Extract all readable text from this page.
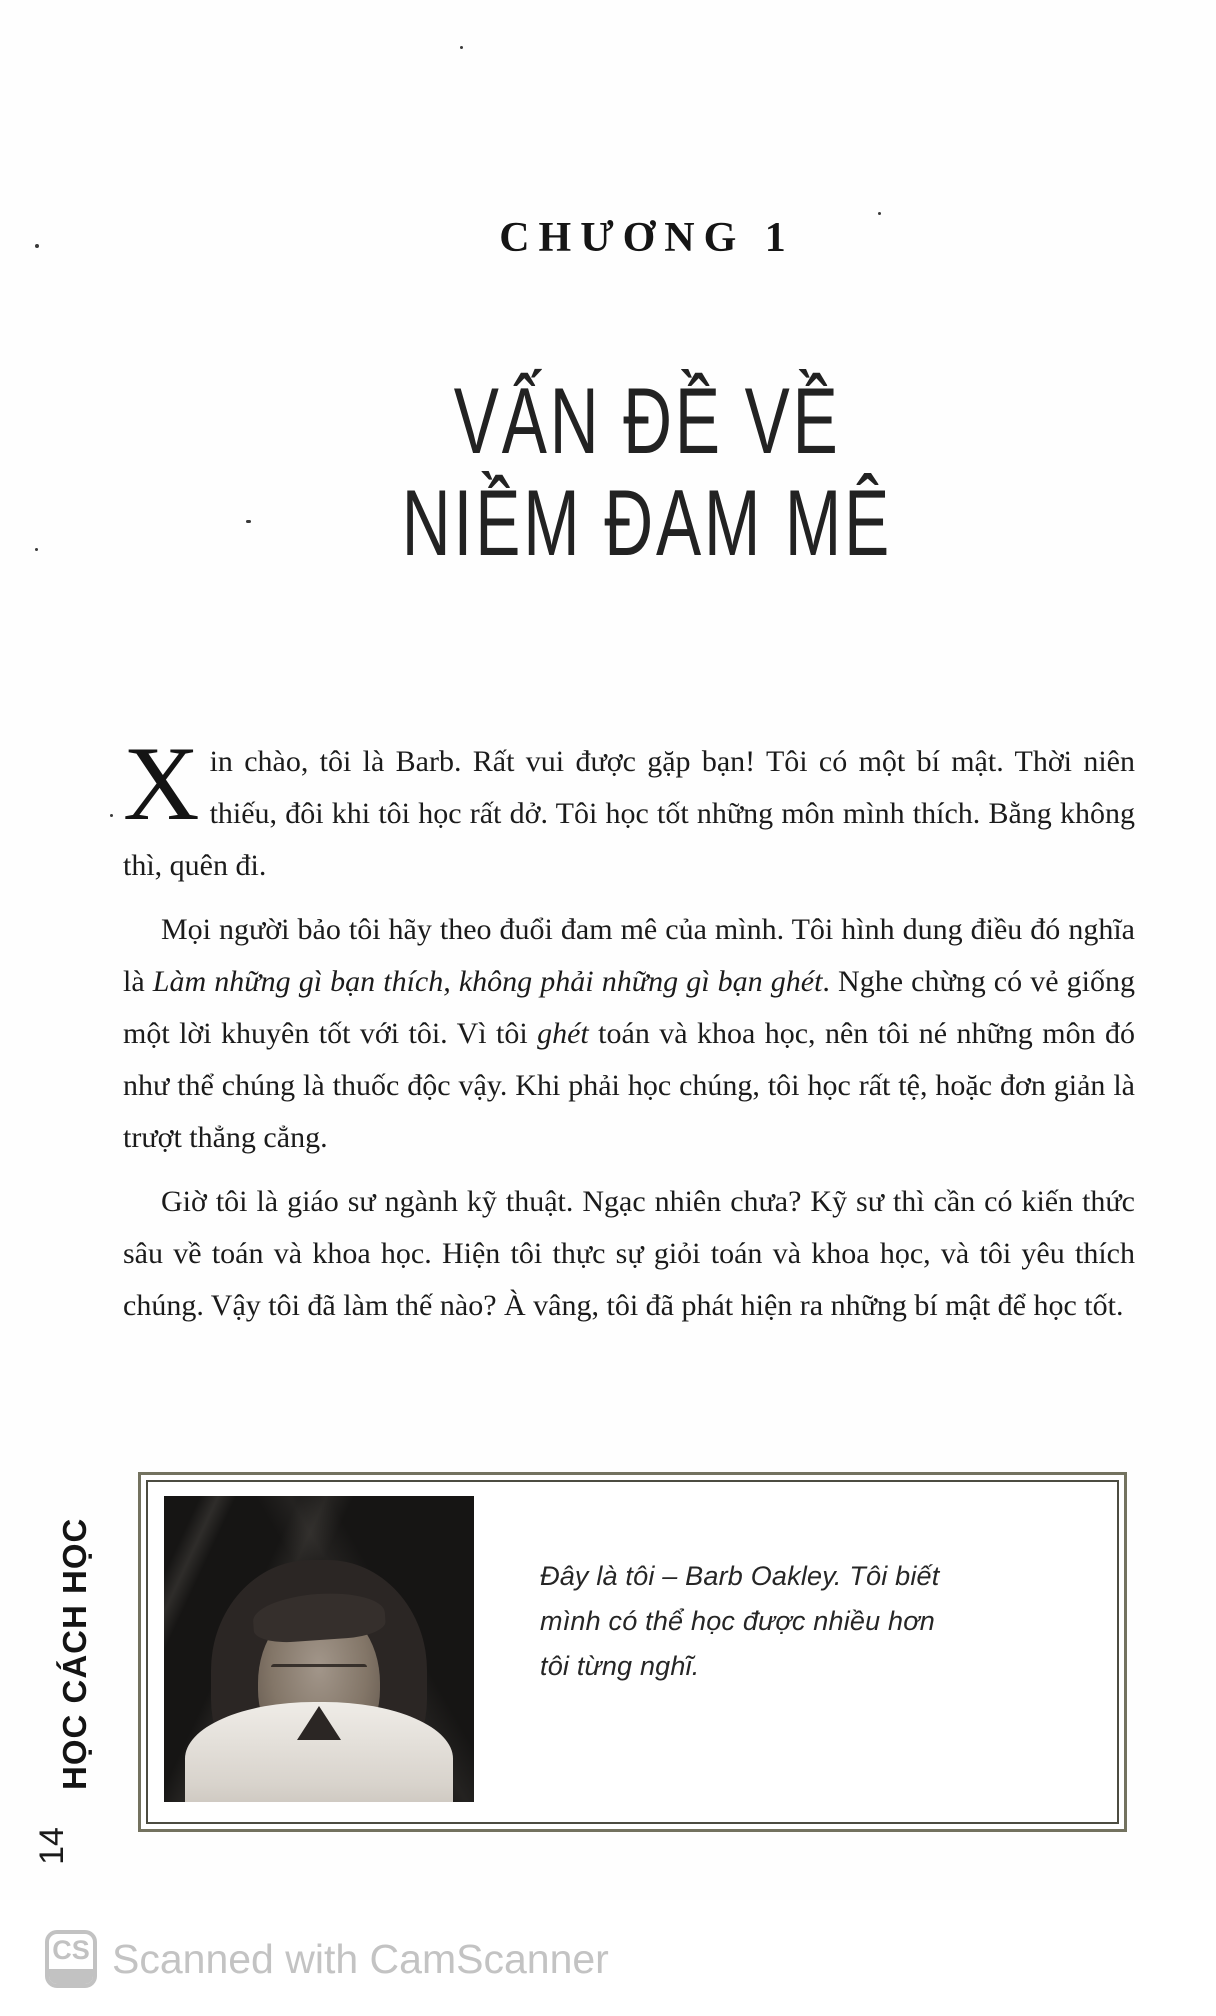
CHƯƠNG 1
VẤN ĐỀ VỀ
NIỀM ĐAM MÊ

Xin chào, tôi là Barb. Rất vui được gặp bạn! Tôi có một bí mật. Thời niên thiếu, đôi khi tôi học rất dở. Tôi học tốt những môn mình thích. Bằng không thì, quên đi.

Mọi người bảo tôi hãy theo đuổi đam mê của mình. Tôi hình dung điều đó nghĩa là Làm những gì bạn thích, không phải những gì bạn ghét. Nghe chừng có vẻ giống một lời khuyên tốt với tôi. Vì tôi ghét toán và khoa học, nên tôi né những môn đó như thể chúng là thuốc độc vậy. Khi phải học chúng, tôi học rất tệ, hoặc đơn giản là trượt thẳng cẳng.

Giờ tôi là giáo sư ngành kỹ thuật. Ngạc nhiên chưa? Kỹ sư thì cần có kiến thức sâu về toán và khoa học. Hiện tôi thực sự giỏi toán và khoa học, và tôi yêu thích chúng. Vậy tôi đã làm thế nào? À vâng, tôi đã phát hiện ra những bí mật để học tốt.

Đây là tôi – Barb Oakley. Tôi biết
mình có thể học được nhiều hơn
tôi từng nghĩ.
HỌC CÁCH HỌC
14
CS Scanned with CamScanner
